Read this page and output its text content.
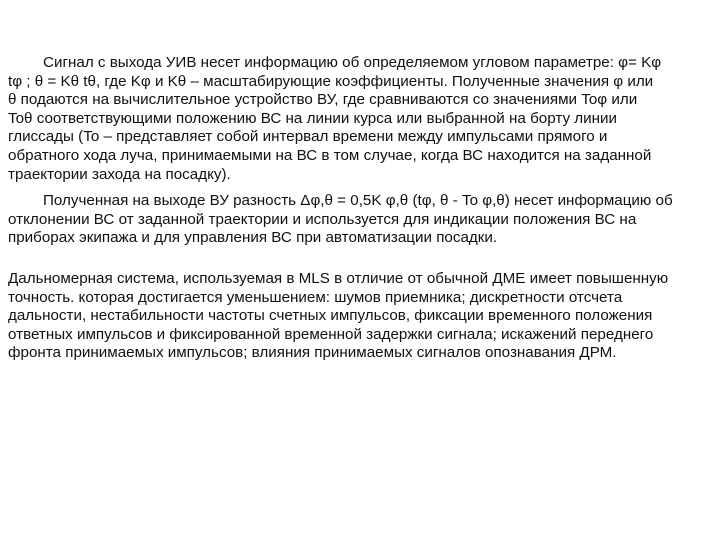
Сигнал с выхода УИВ несет информацию об определяемом угловом параметре: φ= Kφ
tφ ; θ = Kθ tθ, где Kφ и Kθ – масштабирующие коэффициенты. Полученные значения φ или
θ подаются на вычислительное устройство ВУ, где сравниваются со значениями Toφ или
Toθ соответствующими положению ВС на линии курса или выбранной на борту линии
глиссады (To – представляет собой интервал времени между импульсами прямого и
обратного хода луча, принимаемыми на ВС в том случае, когда ВС находится на заданной
траектории захода на посадку).

Полученная на выходе ВУ разность Δφ,θ = 0,5K φ,θ (tφ, θ - To φ,θ) несет информацию об
отклонении ВС от заданной траектории и используется для индикации положения ВС на
приборах экипажа и для управления ВС при автоматизации посадки.

Дальномерная система, используемая в MLS в отличие от обычной ДМЕ имеет повышенную
точность. которая достигается уменьшением: шумов приемника; дискретности отсчета
дальности, нестабильности частоты счетных импульсов, фиксации временного положения
ответных импульсов и фиксированной временной задержки сигнала; искажений переднего
фронта принимаемых импульсов; влияния принимаемых сигналов опознавания ДРМ.
